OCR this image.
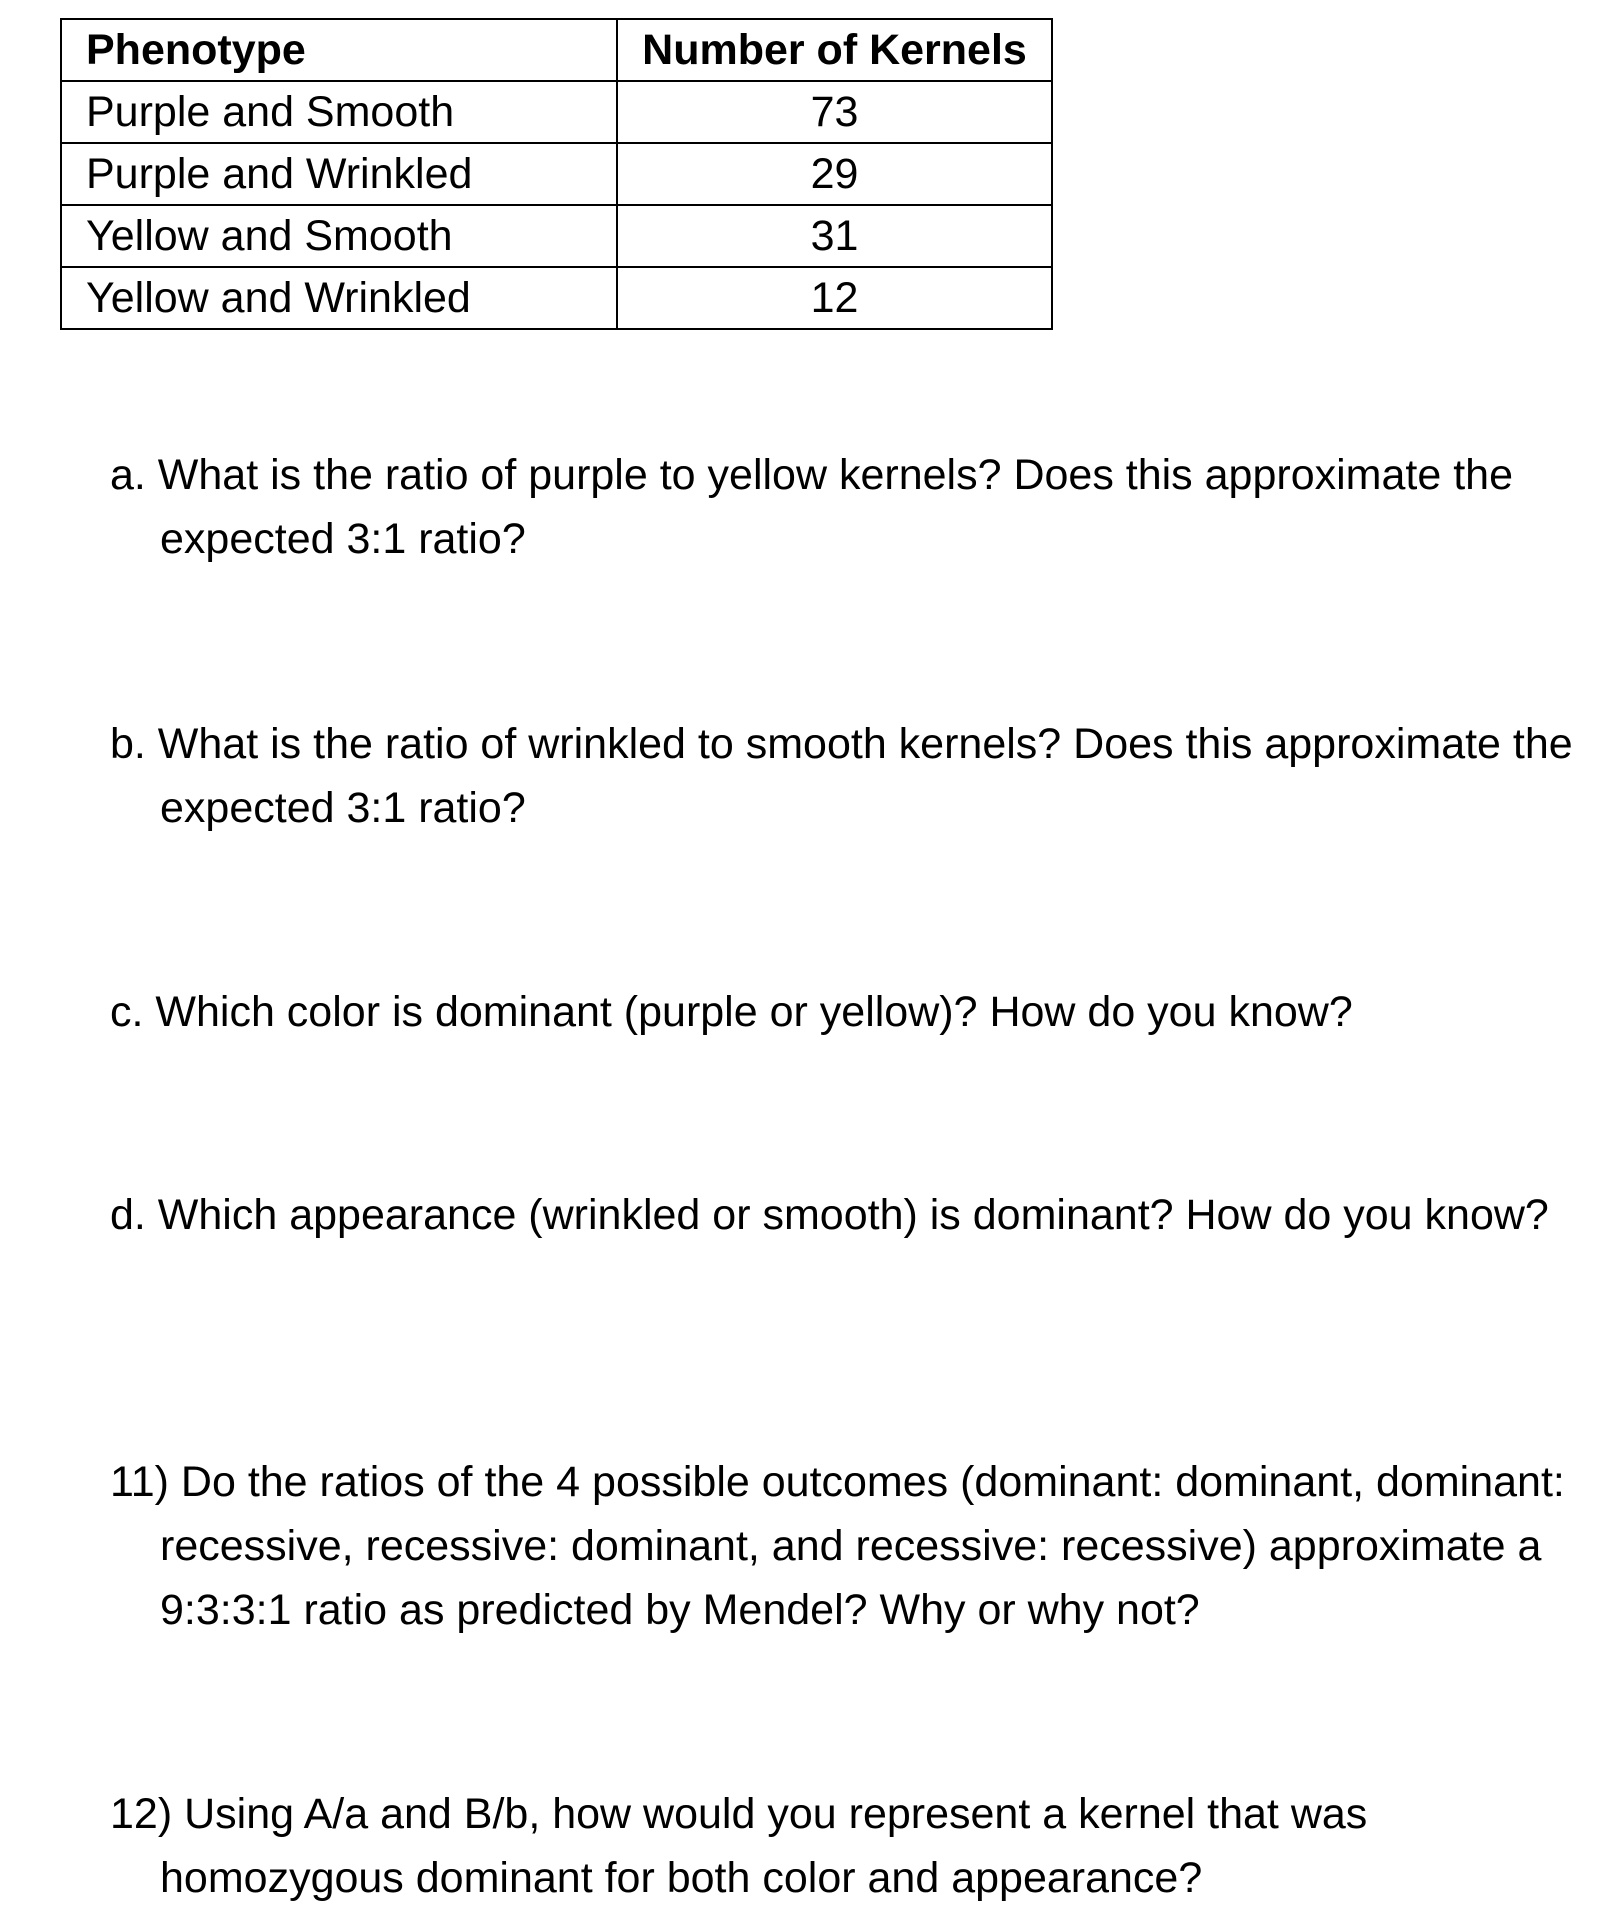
Phenotype	Number of Kernels
Purple and Smooth	73
Purple and Wrinkled	29
Yellow and Smooth	31
Yellow and Wrinkled	12

a. What is the ratio of purple to yellow kernels? Does this approximate the expected 3:1 ratio?

b. What is the ratio of wrinkled to smooth kernels? Does this approximate the expected 3:1 ratio?

c. Which color is dominant (purple or yellow)? How do you know?

d. Which appearance (wrinkled or smooth) is dominant? How do you know?

11) Do the ratios of the 4 possible outcomes (dominant: dominant, dominant: recessive, recessive: dominant, and recessive: recessive) approximate a 9:3:3:1 ratio as predicted by Mendel? Why or why not?

12) Using A/a and B/b, how would you represent a kernel that was homozygous dominant for both color and appearance?
